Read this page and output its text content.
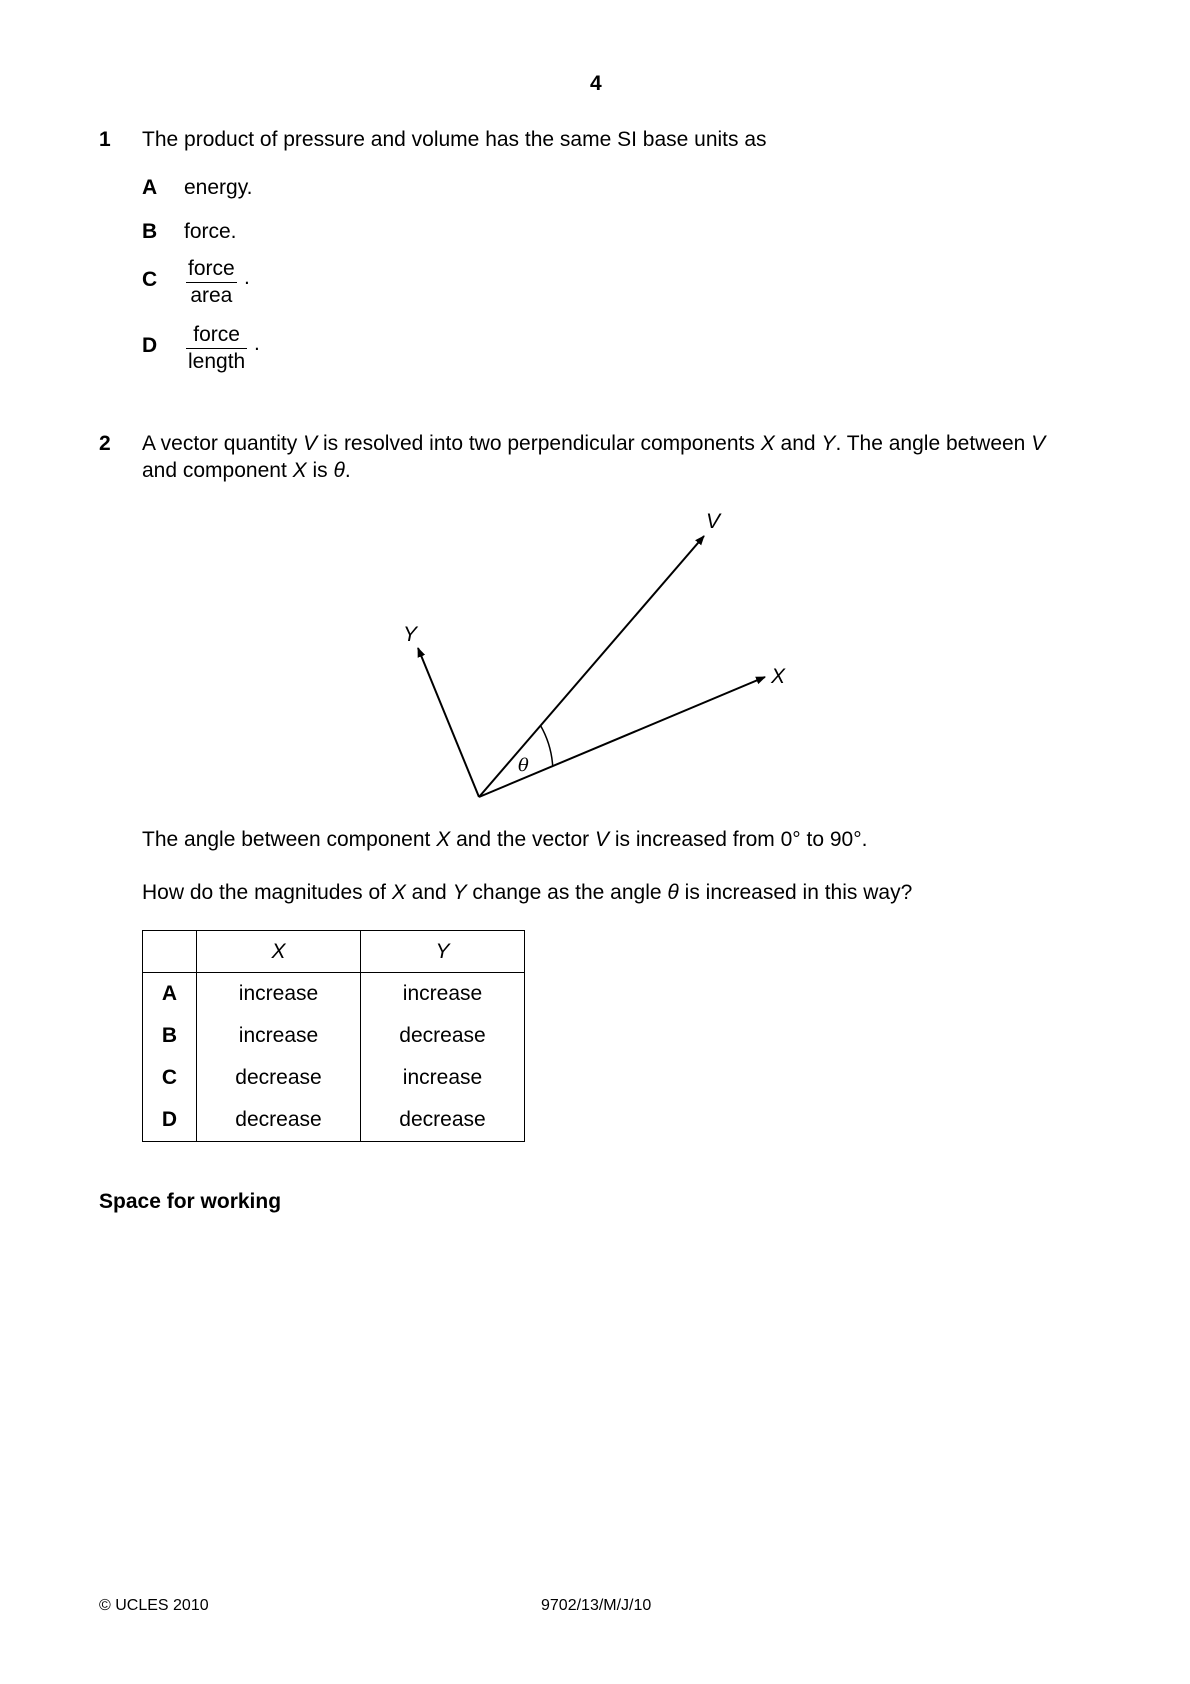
4
1 The product of pressure and volume has the same SI base units as
A energy.
B force.
C force
area
.
D	force
length
.
2 A vector quantity V is resolved into two perpendicular components X and Y. The angle between V
and component X is θ.
V
X
Y
θ
The angle between component X and the vector V is increased from 0° to 90°.
How do the magnitudes of X and Y change as the angle θ is increased in this way?
	X	Y
A	increase	increase
B	increase	decrease
C	decrease	increase
D	decrease	decrease
Space for working
© UCLES 2010	9702/13/M/J/10
